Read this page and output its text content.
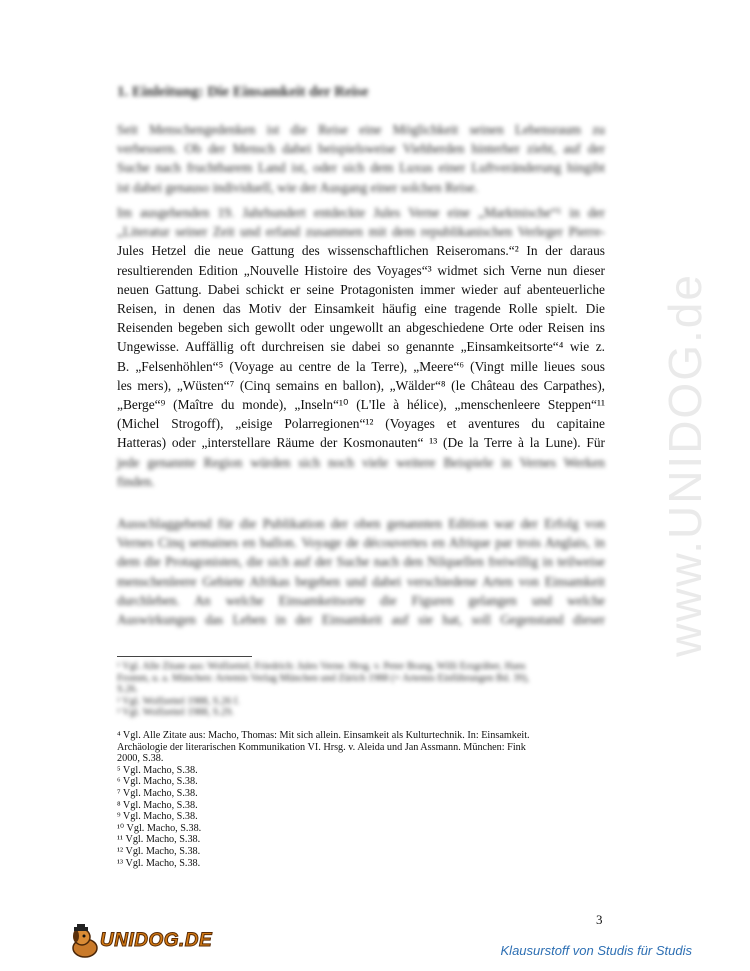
www.UNIDOG.de
1. Einleitung: Die Einsamkeit der Reise
Seit Menschengedenken ist die Reise eine Möglichkeit seinen Lebensraum zu
verbessern. Ob der Mensch dabei beispielsweise Viehherden hinterher zieht, auf der
Suche nach fruchtbarem Land ist, oder sich dem Luxus einer Luftveränderung hingibt
ist dabei genauso individuell, wie der Ausgang einer solchen Reise.
Im ausgehenden 19. Jahrhundert entdeckte Jules Verne eine „Marktnische“¹ in der
„Literatur seiner Zeit und erfand zusammen mit dem republikanischen Verleger Pierre-
Jules Hetzel die neue Gattung des wissenschaftlichen Reiseromans.“² In der daraus
resultierenden Edition „Nouvelle Histoire des Voyages“³ widmet sich Verne nun dieser
neuen Gattung. Dabei schickt er seine Protagonisten immer wieder auf abenteuerliche
Reisen, in denen das Motiv der Einsamkeit häufig eine tragende Rolle spielt. Die
Reisenden begeben sich gewollt oder ungewollt an abgeschiedene Orte oder Reisen ins
Ungewisse. Auffällig oft durchreisen sie dabei so genannte „Einsamkeitsorte“⁴ wie z.
B. „Felsenhöhlen“⁵ (Voyage au centre de la Terre), „Meere“⁶ (Vingt mille lieues sous
les mers), „Wüsten“⁷ (Cinq semains en ballon), „Wälder“⁸ (le Château des Carpathes),
„Berge“⁹ (Maître du monde), „Inseln“¹⁰ (L'Ile à hélice), „menschenleere Steppen“¹¹
(Michel Strogoff), „eisige Polarregionen“¹² (Voyages et aventures du capitaine
Hatteras) oder „interstellare Räume der Kosmonauten“ ¹³ (De la Terre à la Lune). Für
jede genannte Region würden sich noch viele weitere Beispiele in Vernes Werken
finden.
Ausschlaggebend für die Publikation der oben genannten Edition war der Erfolg von
Vernes Cinq semaines en ballon. Voyage de découvertes en Afrique par trois Anglais, in
dem die Protagonisten, die sich auf der Suche nach den Nilquellen freiwillig in teilweise
menschenleere Gebiete Afrikas begeben und dabei verschiedene Arten von Einsamkeit
durchleben. An welche Einsamkeitsorte die Figuren gelangen und welche
Auswirkungen das Leben in der Einsamkeit auf sie hat, soll Gegenstand dieser
¹ Vgl. Alle Zitate aus: Wolfzettel, Friedrich: Jules Verne. Hrsg. v. Peter Brang, Willi Erzgräber, Hans
Fromm, u. a. München: Artemis Verlag München und Zürich 1988 (= Artemis Einführungen Bd. 39),
S.26.
² Vgl. Wolfzettel 1988, S.26 f.
³ Vgl. Wolfzettel 1988, S.29.
⁴ Vgl. Alle Zitate aus: Macho, Thomas: Mit sich allein. Einsamkeit als Kulturtechnik. In: Einsamkeit.
Archäologie der literarischen Kommunikation VI. Hrsg. v. Aleida und Jan Assmann. München: Fink
2000, S.38.
⁵ Vgl. Macho, S.38.
⁶ Vgl. Macho, S.38.
⁷ Vgl. Macho, S.38.
⁸ Vgl. Macho, S.38.
⁹ Vgl. Macho, S.38.
¹⁰ Vgl. Macho, S.38.
¹¹ Vgl. Macho, S.38.
¹² Vgl. Macho, S.38.
¹³ Vgl. Macho, S.38.
3
UNIDOG.DE	Klausurstoff von Studis für Studis
